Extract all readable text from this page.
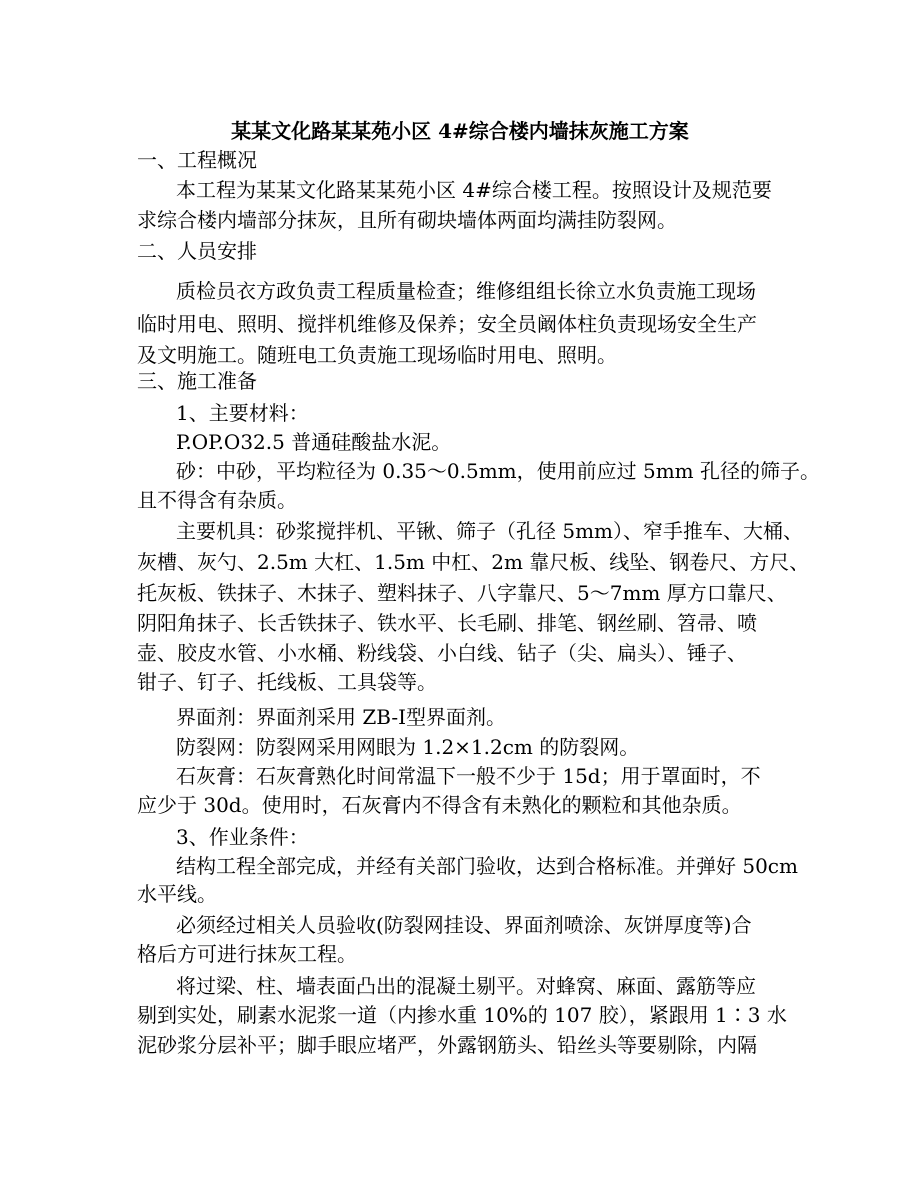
某某文化路某某苑小区 4#综合楼内墙抹灰施工方案
一、工程概况
本工程为某某文化路某某苑小区 4#综合楼工程。按照设计及规范要
求综合楼内墙部分抹灰，且所有砌块墙体两面均满挂防裂网。
二、人员安排
质检员衣方政负责工程质量检查；维修组组长徐立水负责施工现场
临时用电、照明、搅拌机维修及保养；安全员阚体柱负责现场安全生产
及文明施工。随班电工负责施工现场临时用电、照明。
三、施工准备
1、主要材料：
P.OP.O32.5 普通硅酸盐水泥。
砂：中砂，平均粒径为 0.35～0.5mm，使用前应过 5mm 孔径的筛子。
且不得含有杂质。
主要机具：砂浆搅拌机、平锹、筛子（孔径 5mm）、窄手推车、大桶、
灰槽、灰勺、2.5m 大杠、1.5m 中杠、2m 靠尺板、线坠、钢卷尺、方尺、
托灰板、铁抹子、木抹子、塑料抹子、八字靠尺、5～7mm 厚方口靠尺、
阴阳角抹子、长舌铁抹子、铁水平、长毛刷、排笔、钢丝刷、笤帚、喷
壶、胶皮水管、小水桶、粉线袋、小白线、钻子（尖、扁头）、锤子、
钳子、钉子、托线板、工具袋等。
界面剂：界面剂采用 ZB-Ⅰ型界面剂。
防裂网：防裂网采用网眼为 1.2×1.2cm 的防裂网。
石灰膏：石灰膏熟化时间常温下一般不少于 15d；用于罩面时，不
应少于 30d。使用时，石灰膏内不得含有未熟化的颗粒和其他杂质。
3、作业条件：
结构工程全部完成，并经有关部门验收，达到合格标准。并弹好 50cm
水平线。
必须经过相关人员验收(防裂网挂设、界面剂喷涂、灰饼厚度等)合
格后方可进行抹灰工程。
将过梁、柱、墙表面凸出的混凝土剔平。对蜂窝、麻面、露筋等应
剔到实处，刷素水泥浆一道（内掺水重 10%的 107 胶），紧跟用 1∶3 水
泥砂浆分层补平；脚手眼应堵严，外露钢筋头、铅丝头等要剔除，内隔
